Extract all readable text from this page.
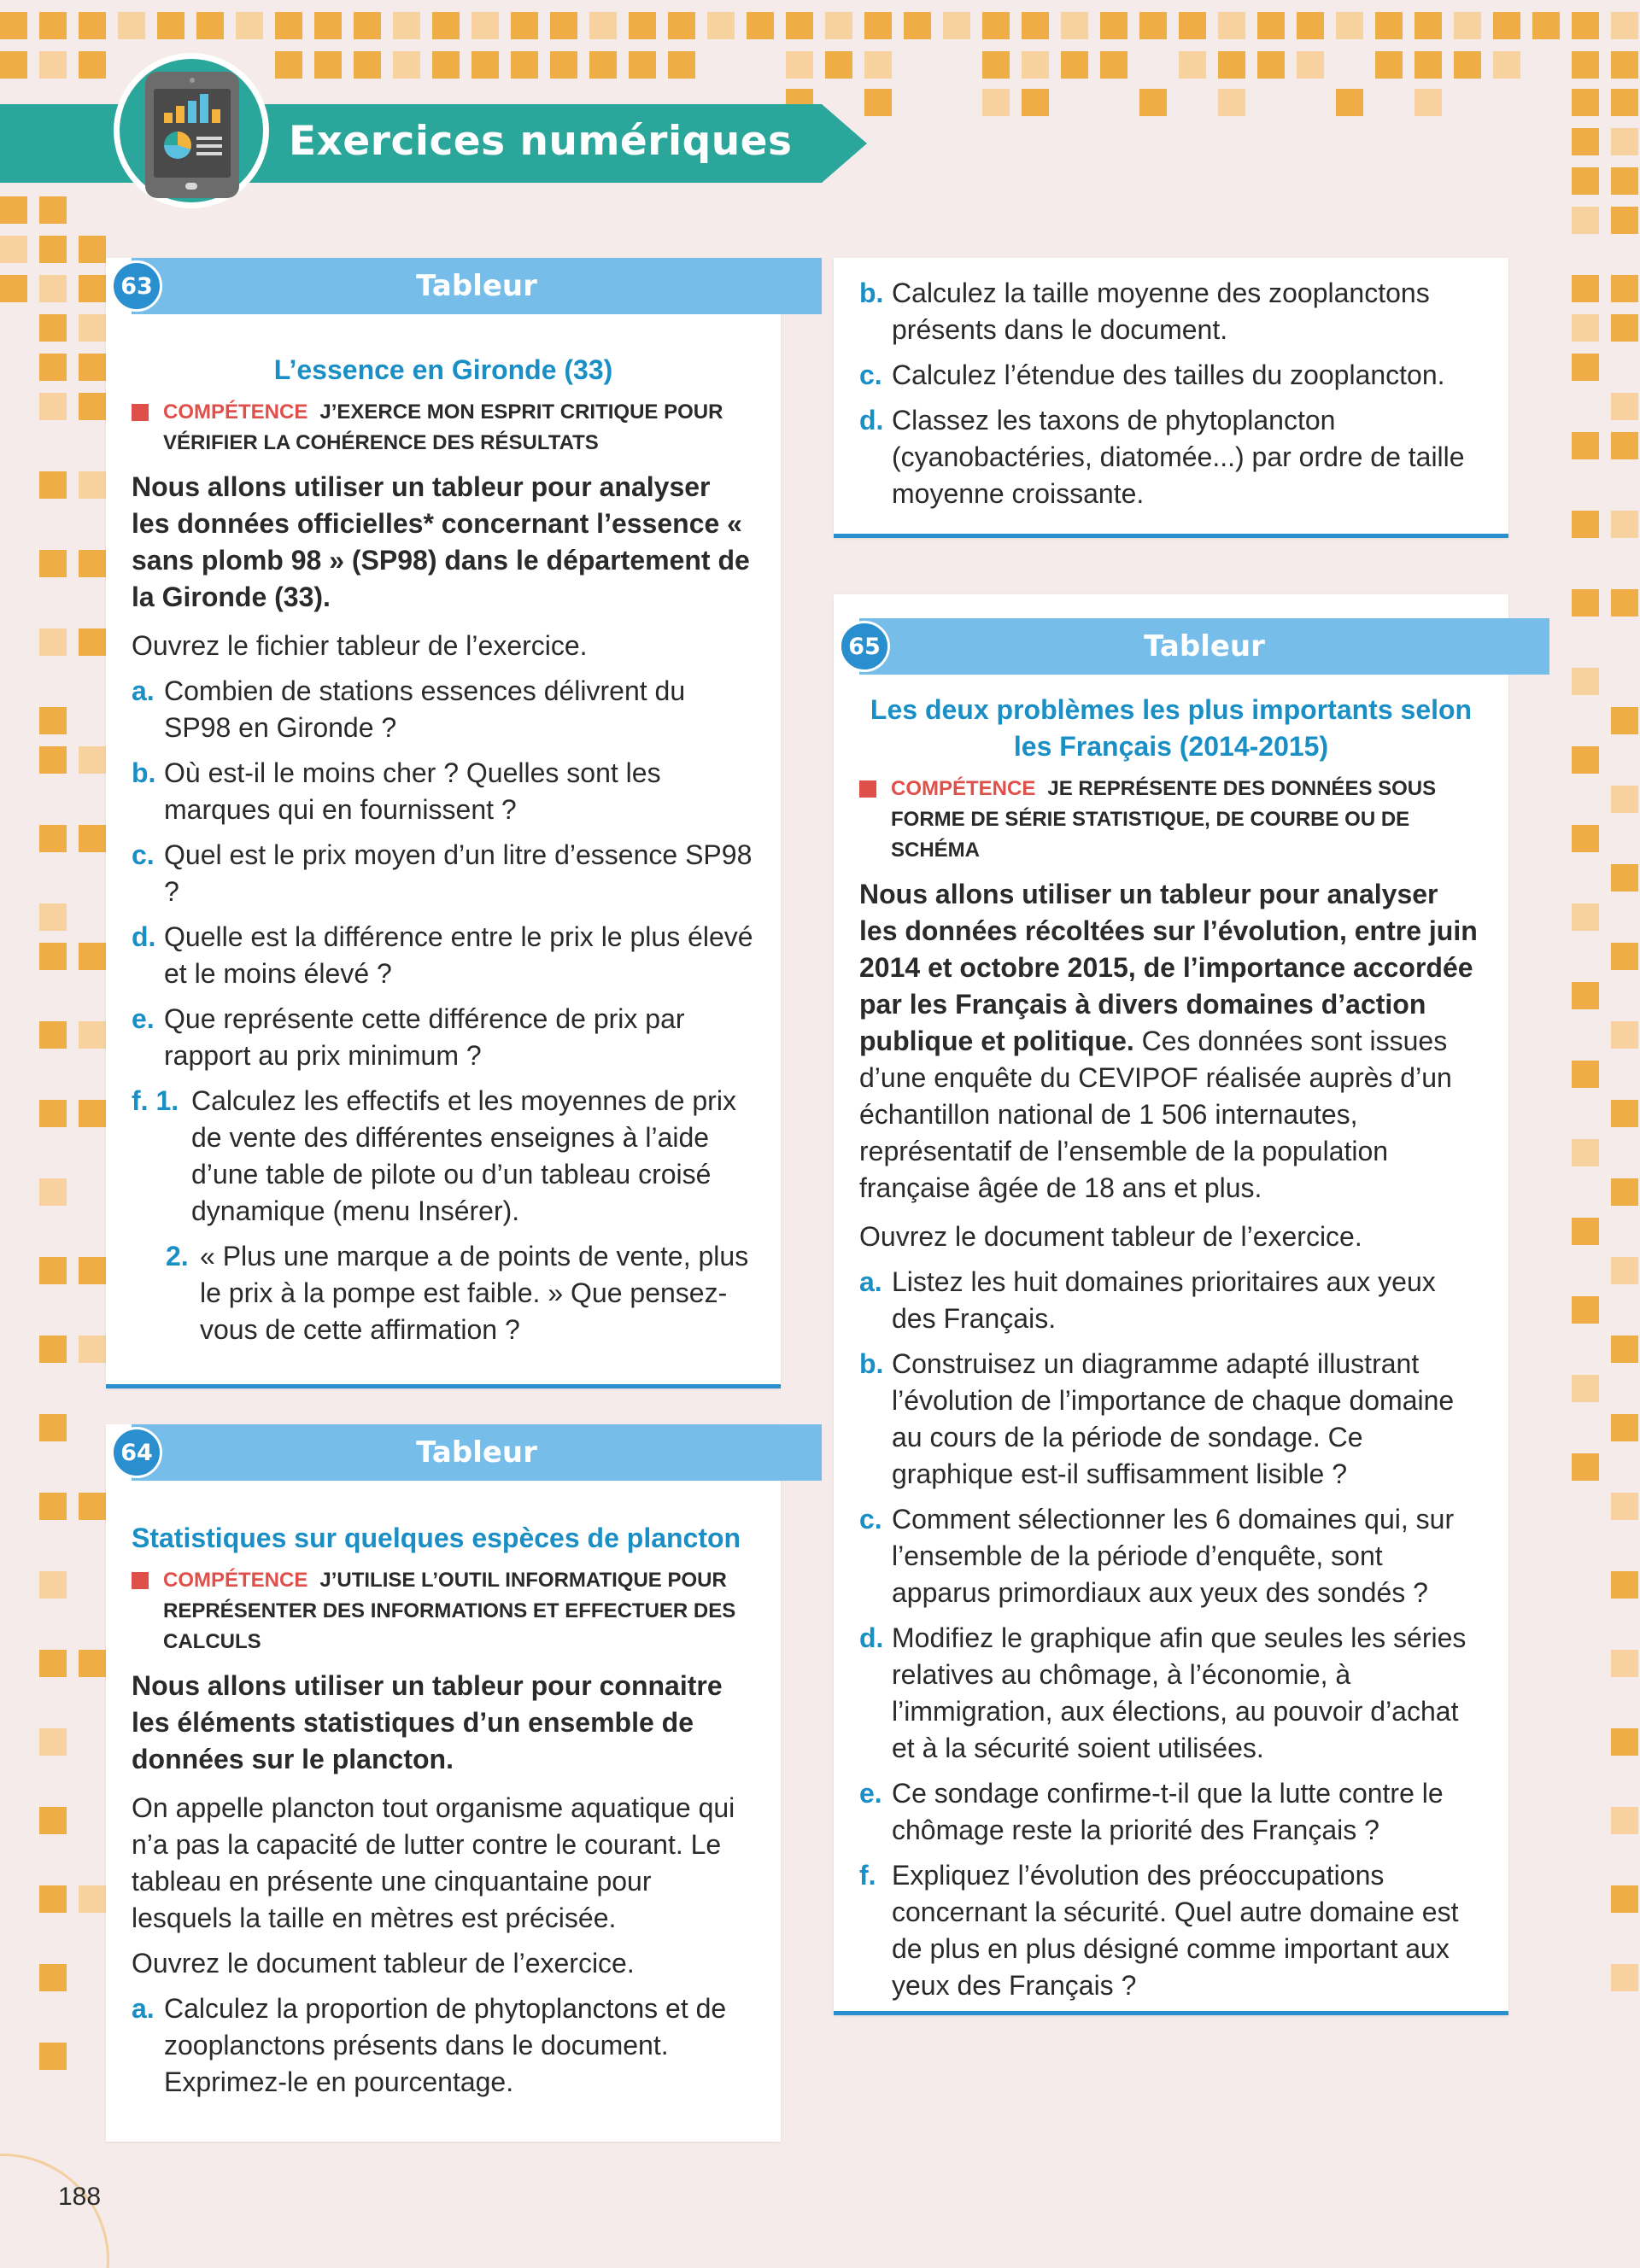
Exercices numériques
Tableur
63
L’essence en Gironde (33)
COMPÉTENCE J’EXERCE MON ESPRIT CRITIQUE POUR VÉRIFIER LA COHÉRENCE DES RÉSULTATS
Nous allons utiliser un tableur pour analyser les données officielles* concernant l’essence « sans plomb 98 » (SP98) dans le département de la Gironde (33).
Ouvrez le fichier tableur de l’exercice.
a. Combien de stations essences délivrent du SP98 en Gironde ?
b. Où est-il le moins cher ? Quelles sont les marques qui en fournissent ?
c. Quel est le prix moyen d’un litre d’essence SP98 ?
d. Quelle est la différence entre le prix le plus élevé et le moins élevé ?
e. Que représente cette différence de prix par rapport au prix minimum ?
f. 1. Calculez les effectifs et les moyennes de prix de vente des différentes enseignes à l’aide d’une table de pilote ou d’un tableau croisé dynamique (menu Insérer).
2. « Plus une marque a de points de vente, plus le prix à la pompe est faible. » Que pensez-vous de cette affirmation ?
Tableur
64
Statistiques sur quelques espèces de plancton
COMPÉTENCE J’UTILISE L’OUTIL INFORMATIQUE POUR REPRÉSENTER DES INFORMATIONS ET EFFECTUER DES CALCULS
Nous allons utiliser un tableur pour connaitre les éléments statistiques d’un ensemble de données sur le plancton.
On appelle plancton tout organisme aquatique qui n’a pas la capacité de lutter contre le courant. Le tableau en présente une cinquantaine pour lesquels la taille en mètres est précisée.
Ouvrez le document tableur de l’exercice.
a. Calculez la proportion de phytoplanctons et de zooplanctons présents dans le document. Exprimez-le en pourcentage.
b. Calculez la taille moyenne des zooplanctons présents dans le document.
c. Calculez l’étendue des tailles du zooplancton.
d. Classez les taxons de phytoplancton (cyanobactéries, diatomée...) par ordre de taille moyenne croissante.
Tableur
65
Les deux problèmes les plus importants selon les Français (2014-2015)
COMPÉTENCE JE REPRÉSENTE DES DONNÉES SOUS FORME DE SÉRIE STATISTIQUE, DE COURBE OU DE SCHÉMA
Nous allons utiliser un tableur pour analyser les données récoltées sur l’évolution, entre juin 2014 et octobre 2015, de l’importance accordée par les Français à divers domaines d’action publique et politique. Ces données sont issues d’une enquête du CEVIPOF réalisée auprès d’un échantillon national de 1 506 internautes, représentatif de l’ensemble de la population française âgée de 18 ans et plus.
Ouvrez le document tableur de l’exercice.
a. Listez les huit domaines prioritaires aux yeux des Français.
b. Construisez un diagramme adapté illustrant l’évolution de l’importance de chaque domaine au cours de la période de sondage. Ce graphique est-il suffisamment lisible ?
c. Comment sélectionner les 6 domaines qui, sur l’ensemble de la période d’enquête, sont apparus primordiaux aux yeux des sondés ?
d. Modifiez le graphique afin que seules les séries relatives au chômage, à l’économie, à l’immigration, aux élections, au pouvoir d’achat et à la sécurité soient utilisées.
e. Ce sondage confirme-t-il que la lutte contre le chômage reste la priorité des Français ?
f. Expliquez l’évolution des préoccupations concernant la sécurité. Quel autre domaine est de plus en plus désigné comme important aux yeux des Français ?
188
